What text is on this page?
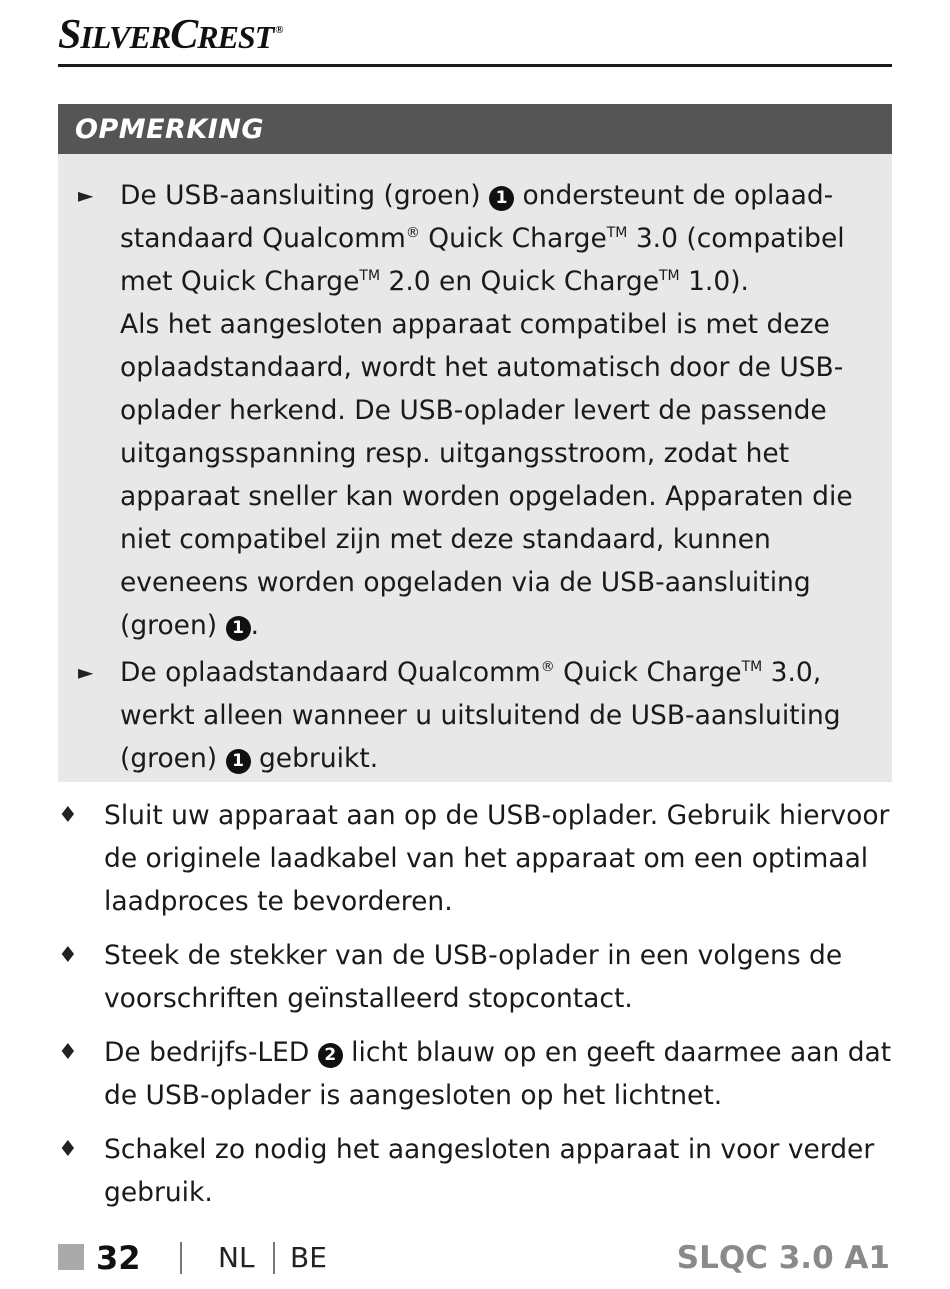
SILVERCREST ®
OPMERKING
► De USB-aansluiting (groen) 1 ondersteunt de oplaad-standaard Qualcomm® Quick Charge™ 3.0 (compatibel met Quick Charge™ 2.0 en Quick Charge™ 1.0).
Als het aangesloten apparaat compatibel is met deze oplaadstandaard, wordt het automatisch door de USB-oplader herkend. De USB-oplader levert de passende uitgangsspanning resp. uitgangsstroom, zodat het apparaat sneller kan worden opgeladen. Apparaten die niet compatibel zijn met deze standaard, kunnen eveneens worden opgeladen via de USB-aansluiting (groen) 1 .
► De oplaadstandaard Qualcomm® Quick Charge™ 3.0, werkt alleen wanneer u uitsluitend de USB-aansluiting (groen) 1 gebruikt.
♦ Sluit uw apparaat aan op de USB-oplader. Gebruik hiervoor de originele laadkabel van het apparaat om een optimaal laadproces te bevorderen.
♦ Steek de stekker van de USB-oplader in een volgens de voorschriften geïnstalleerd stopcontact.
♦ De bedrijfs-LED 2 licht blauw op en geeft daarmee aan dat de USB-oplader is aangesloten op het lichtnet.
♦ Schakel zo nodig het aangesloten apparaat in voor verder gebruik.
32	NL BE	SLQC 3.0 A1
